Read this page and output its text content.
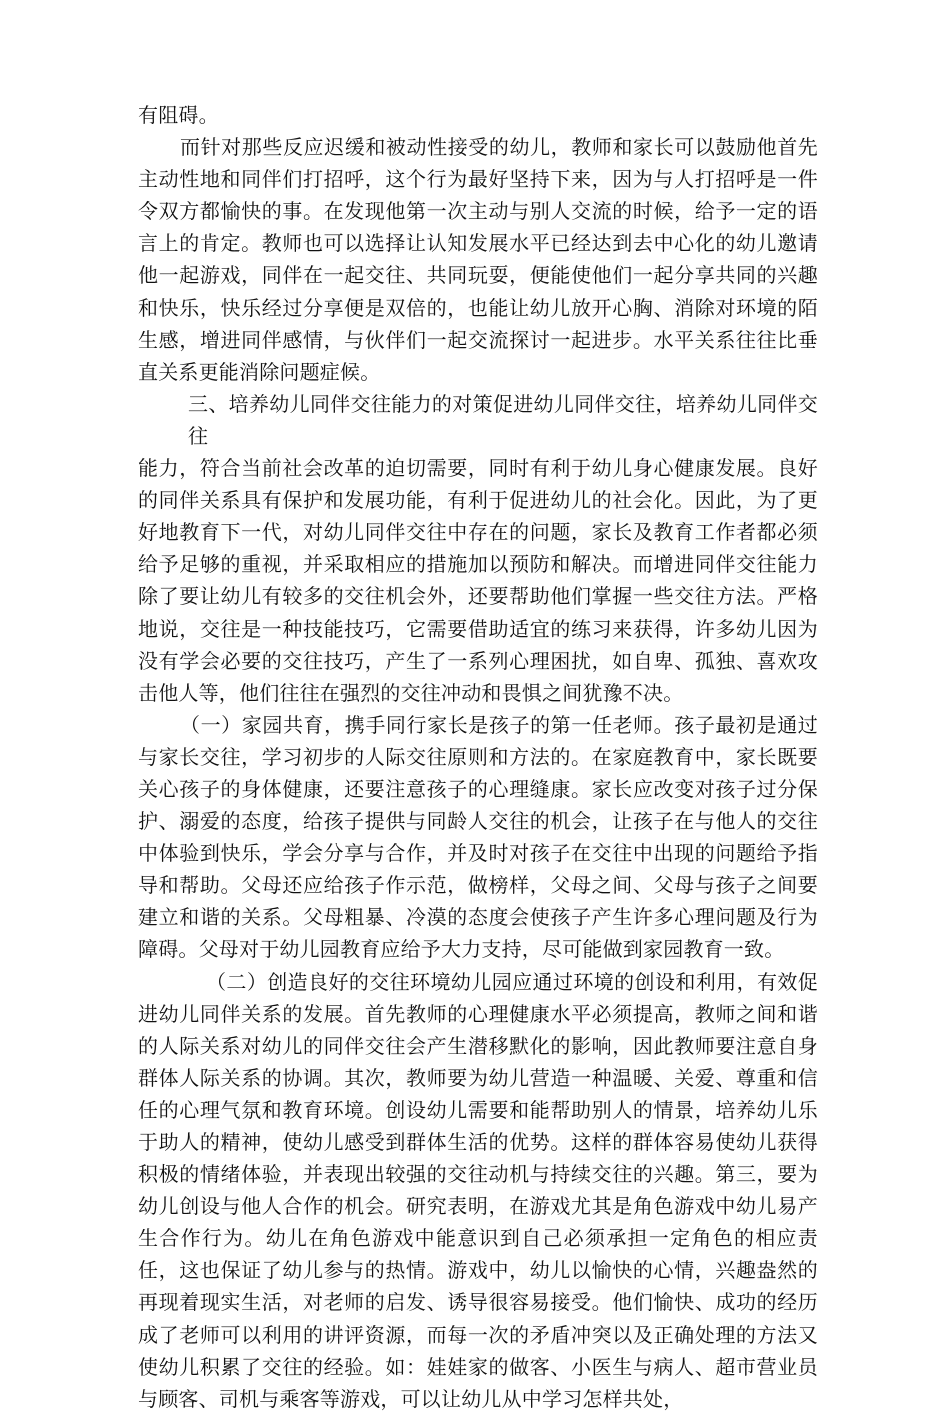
有阻碍。

而针对那些反应迟缓和被动性接受的幼儿，教师和家长可以鼓励他首先主动性地和同伴们打招呼，这个行为最好坚持下来，因为与人打招呼是一件令双方都愉快的事。在发现他第一次主动与别人交流的时候，给予一定的语言上的肯定。教师也可以选择让认知发展水平已经达到去中心化的幼儿邀请他一起游戏，同伴在一起交往、共同玩耍，便能使他们一起分享共同的兴趣和快乐，快乐经过分享便是双倍的，也能让幼儿放开心胸、消除对环境的陌生感，增进同伴感情，与伙伴们一起交流探讨一起进步。水平关系往往比垂直关系更能消除问题症候。

三、培养幼儿同伴交往能力的对策促进幼儿同伴交往，培养幼儿同伴交往
能力，符合当前社会改革的迫切需要，同时有利于幼儿身心健康发展。良好的同伴关系具有保护和发展功能，有利于促进幼儿的社会化。因此，为了更好地教育下一代，对幼儿同伴交往中存在的问题，家长及教育工作者都必须给予足够的重视，并采取相应的措施加以预防和解决。而增进同伴交往能力除了要让幼儿有较多的交往机会外，还要帮助他们掌握一些交往方法。严格地说，交往是一种技能技巧，它需要借助适宜的练习来获得，许多幼儿因为没有学会必要的交往技巧，产生了一系列心理困扰，如自卑、孤独、喜欢攻击他人等，他们往往在强烈的交往冲动和畏惧之间犹豫不决。

（一）家园共育，携手同行家长是孩子的第一任老师。孩子最初是通过与家长交往，学习初步的人际交往原则和方法的。在家庭教育中，家长既要关心孩子的身体健康，还要注意孩子的心理缝康。家长应改变对孩子过分保护、溺爱的态度，给孩子提供与同龄人交往的机会，让孩子在与他人的交往中体验到快乐，学会分享与合作，并及时对孩子在交往中出现的问题给予指导和帮助。父母还应给孩子作示范，做榜样，父母之间、父母与孩子之间要建立和谐的关系。父母粗暴、冷漠的态度会使孩子产生许多心理问题及行为障碍。父母对于幼儿园教育应给予大力支持，尽可能做到家园教育一致。

（二）创造良好的交往环境幼儿园应通过环境的创设和利用，有效促进幼儿同伴关系的发展。首先教师的心理健康水平必须提高，教师之间和谐的人际关系对幼儿的同伴交往会产生潜移默化的影响，因此教师要注意自身群体人际关系的协调。其次，教师要为幼儿营造一种温暖、关爱、尊重和信任的心理气氛和教育环境。创设幼儿需要和能帮助别人的情景，培养幼儿乐于助人的精神，使幼儿感受到群体生活的优势。这样的群体容易使幼儿获得积极的情绪体验，并表现出较强的交往动机与持续交往的兴趣。第三，要为幼儿创设与他人合作的机会。研究表明，在游戏尤其是角色游戏中幼儿易产生合作行为。幼儿在角色游戏中能意识到自己必须承担一定角色的相应责任，这也保证了幼儿参与的热情。游戏中，幼儿以愉快的心情，兴趣盎然的再现着现实生活，对老师的启发、诱导很容易接受。他们愉快、成功的经历成了老师可以利用的讲评资源，而每一次的矛盾冲突以及正确处理的方法又使幼儿积累了交往的经验。如：娃娃家的做客、小医生与病人、超市营业员与顾客、司机与乘客等游戏，可以让幼儿从中学习怎样共处，
